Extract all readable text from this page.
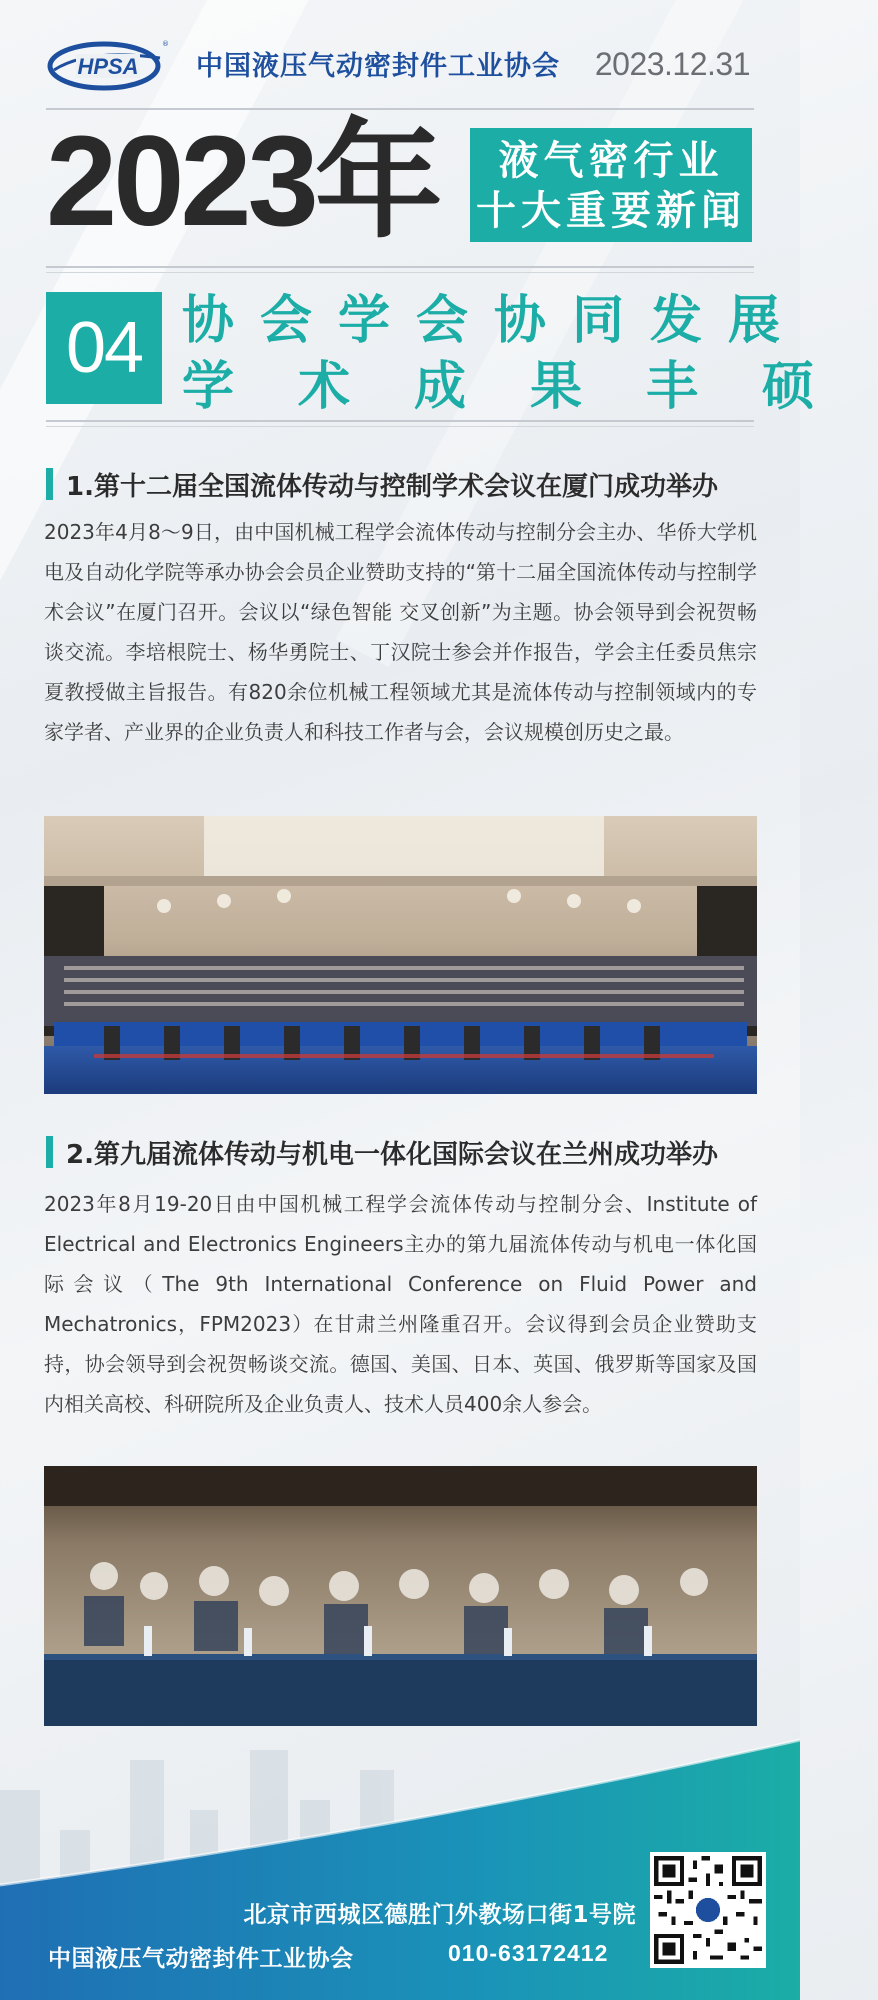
HPSA
®
中国液压气动密封件工业协会 2023.12.31
2023年	液气密行业
十大重要新闻
04 协会学会协同发展
学术成果丰硕
1.第十二届全国流体传动与控制学术会议在厦门成功举办
2023年4月8～9日，由中国机械工程学会流体传动与控制分会主办、华侨大学机电及自动化学院等承办协会会员企业赞助支持的“第十二届全国流体传动与控制学术会议”在厦门召开。会议以“绿色智能 交叉创新”为主题。协会领导到会祝贺畅谈交流。李培根院士、杨华勇院士、丁汉院士参会并作报告，学会主任委员焦宗夏教授做主旨报告。有820余位机械工程领域尤其是流体传动与控制领域内的专家学者、产业界的企业负责人和科技工作者与会，会议规模创历史之最。
2.第九届流体传动与机电一体化国际会议在兰州成功举办
2023年8月19-20日由中国机械工程学会流体传动与控制分会、Institute of Electrical and Electronics Engineers主办的第九届流体传动与机电一体化国际会议（The 9th International Conference on Fluid Power and Mechatronics，FPM2023）在甘肃兰州隆重召开。会议得到会员企业赞助支持，协会领导到会祝贺畅谈交流。德国、美国、日本、英国、俄罗斯等国家及国内相关高校、科研院所及企业负责人、技术人员400余人参会。
北京市西城区德胜门外教场口街1号院
中国液压气动密封件工业协会	010-63172412
